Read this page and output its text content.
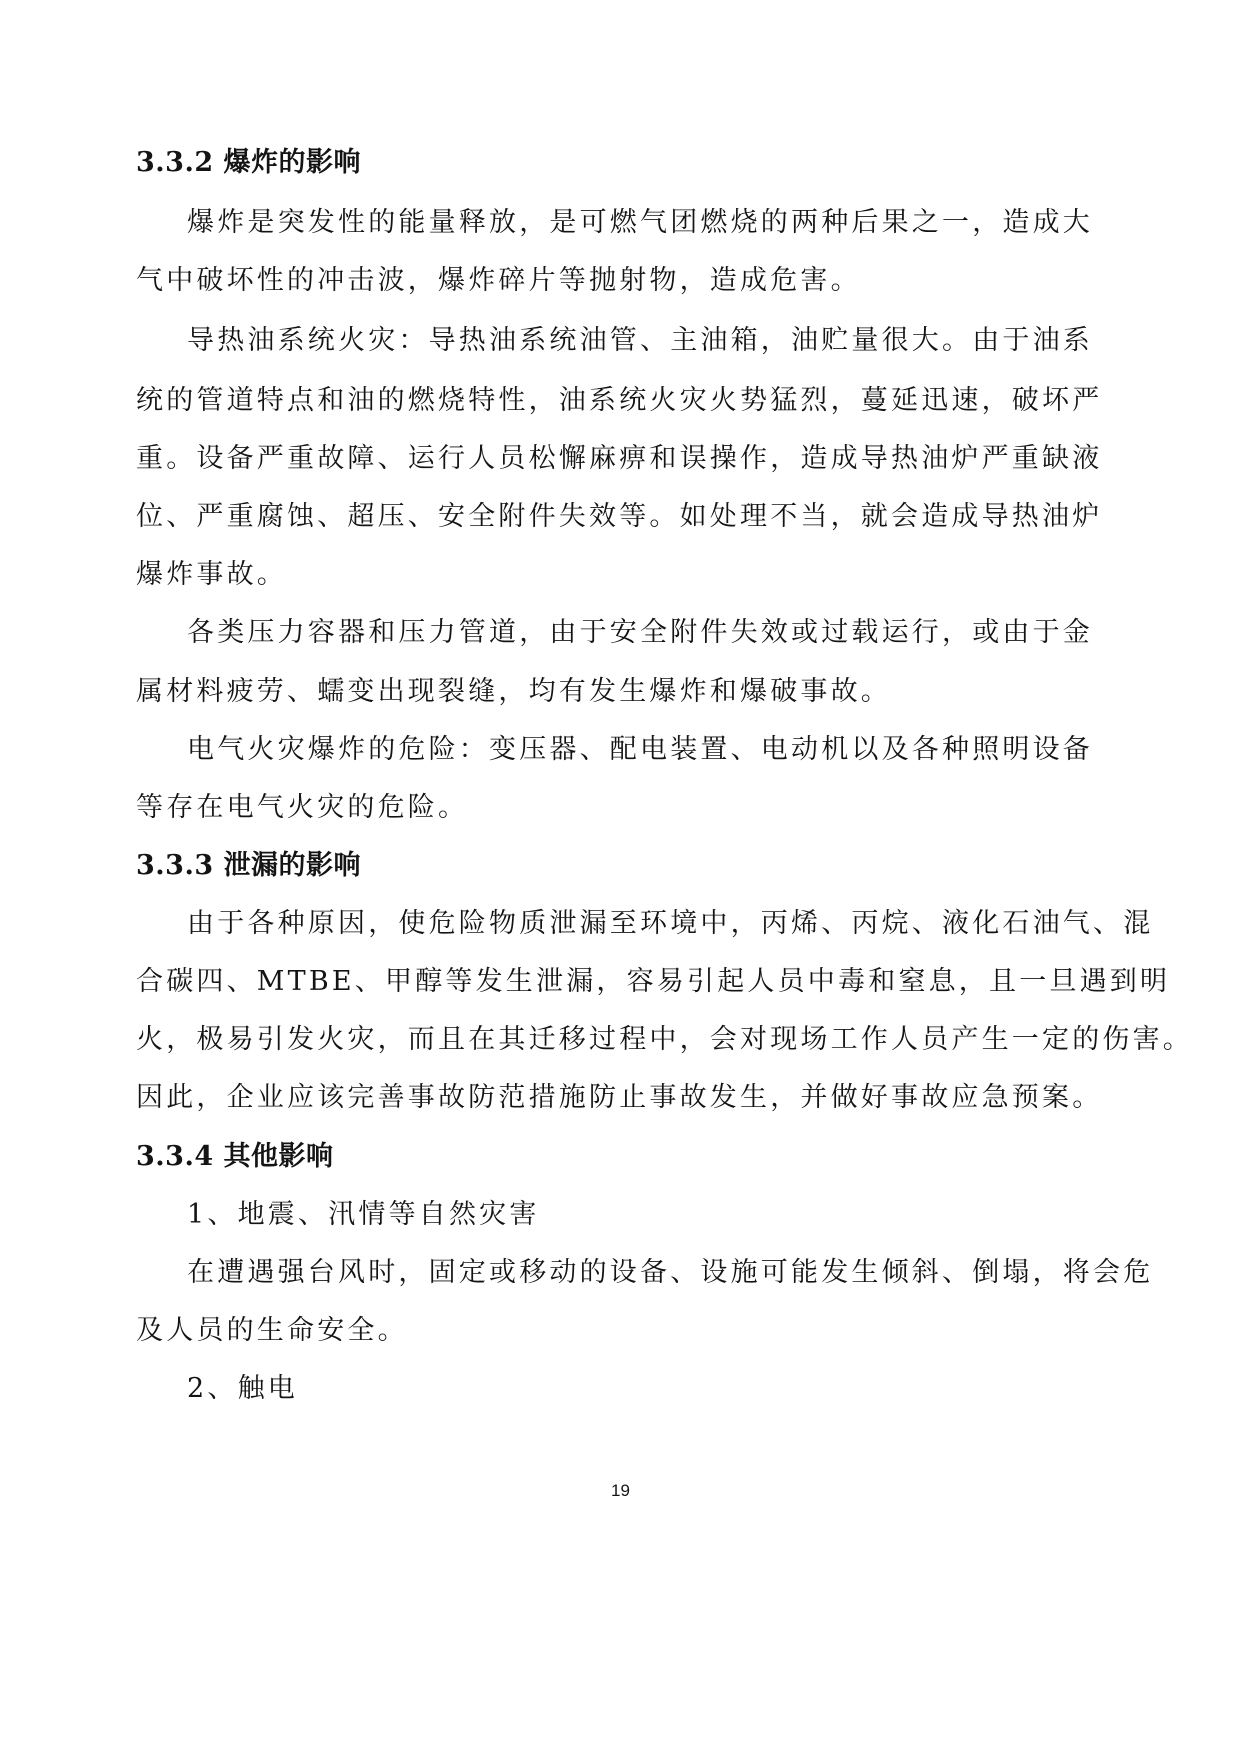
3.3.2 爆炸的影响
爆炸是突发性的能量释放，是可燃气团燃烧的两种后果之一，造成大
气中破坏性的冲击波，爆炸碎片等抛射物，造成危害。
导热油系统火灾：导热油系统油管、主油箱，油贮量很大。由于油系
统的管道特点和油的燃烧特性，油系统火灾火势猛烈，蔓延迅速，破坏严
重。设备严重故障、运行人员松懈麻痹和误操作，造成导热油炉严重缺液
位、严重腐蚀、超压、安全附件失效等。如处理不当，就会造成导热油炉
爆炸事故。
各类压力容器和压力管道，由于安全附件失效或过载运行，或由于金
属材料疲劳、蠕变出现裂缝，均有发生爆炸和爆破事故。
电气火灾爆炸的危险：变压器、配电装置、电动机以及各种照明设备
等存在电气火灾的危险。
3.3.3 泄漏的影响
由于各种原因，使危险物质泄漏至环境中，丙烯、丙烷、液化石油气、混
合碳四、MTBE、甲醇等发生泄漏，容易引起人员中毒和窒息，且一旦遇到明
火，极易引发火灾，而且在其迁移过程中，会对现场工作人员产生一定的伤害。
因此，企业应该完善事故防范措施防止事故发生，并做好事故应急预案。
3.3.4 其他影响
1、地震、汛情等自然灾害
在遭遇强台风时，固定或移动的设备、设施可能发生倾斜、倒塌，将会危
及人员的生命安全。
2、触电
19
